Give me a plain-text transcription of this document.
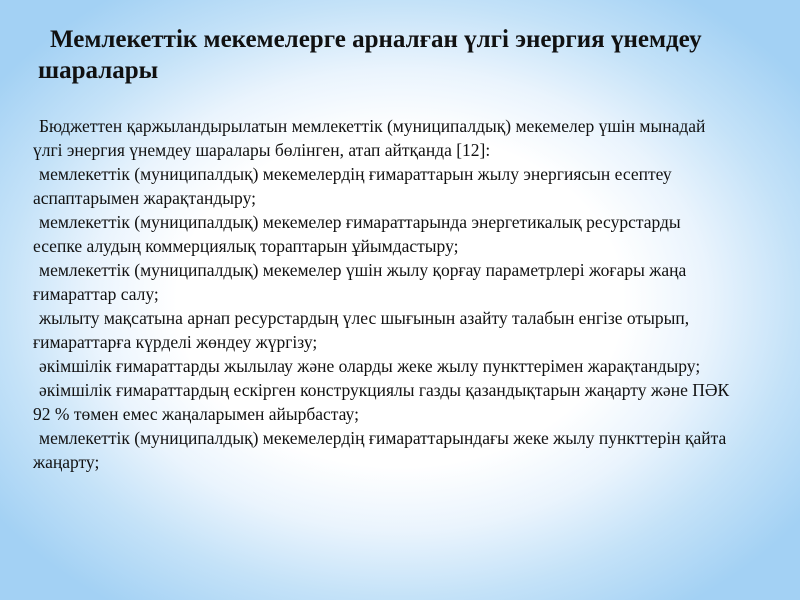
Мемлекеттік мекемелерге арналған үлгі энергия үнемдеу шаралары

Бюджеттен қаржыландырылатын мемлекеттік (муниципалдық) мекемелер үшін мынадай үлгі энергия үнемдеу шаралары бөлінген, атап айтқанда [12]:

мемлекеттік (муниципалдық) мекемелердің ғимараттарын жылу энергиясын есептеу аспаптарымен жарақтандыру;

мемлекеттік (муниципалдық) мекемелер ғимараттарында энергетикалық ресурстарды есепке алудың коммерциялық тораптарын ұйымдастыру;

мемлекеттік (муниципалдық) мекемелер үшін жылу қорғау параметрлері жоғары жаңа ғимараттар салу;

жылыту мақсатына арнап ресурстардың үлес шығынын азайту талабын енгізе отырып, ғимараттарға күрделі жөндеу жүргізу;

әкімшілік ғимараттарды жылылау және оларды жеке жылу пункттерімен жарақтандыру;

әкімшілік ғимараттардың ескірген конструкциялы газды қазандықтарын жаңарту және ПӘК 92 % төмен емес жаңаларымен айырбастау;

мемлекеттік (муниципалдық) мекемелердің ғимараттарындағы жеке жылу пункттерін қайта жаңарту;
